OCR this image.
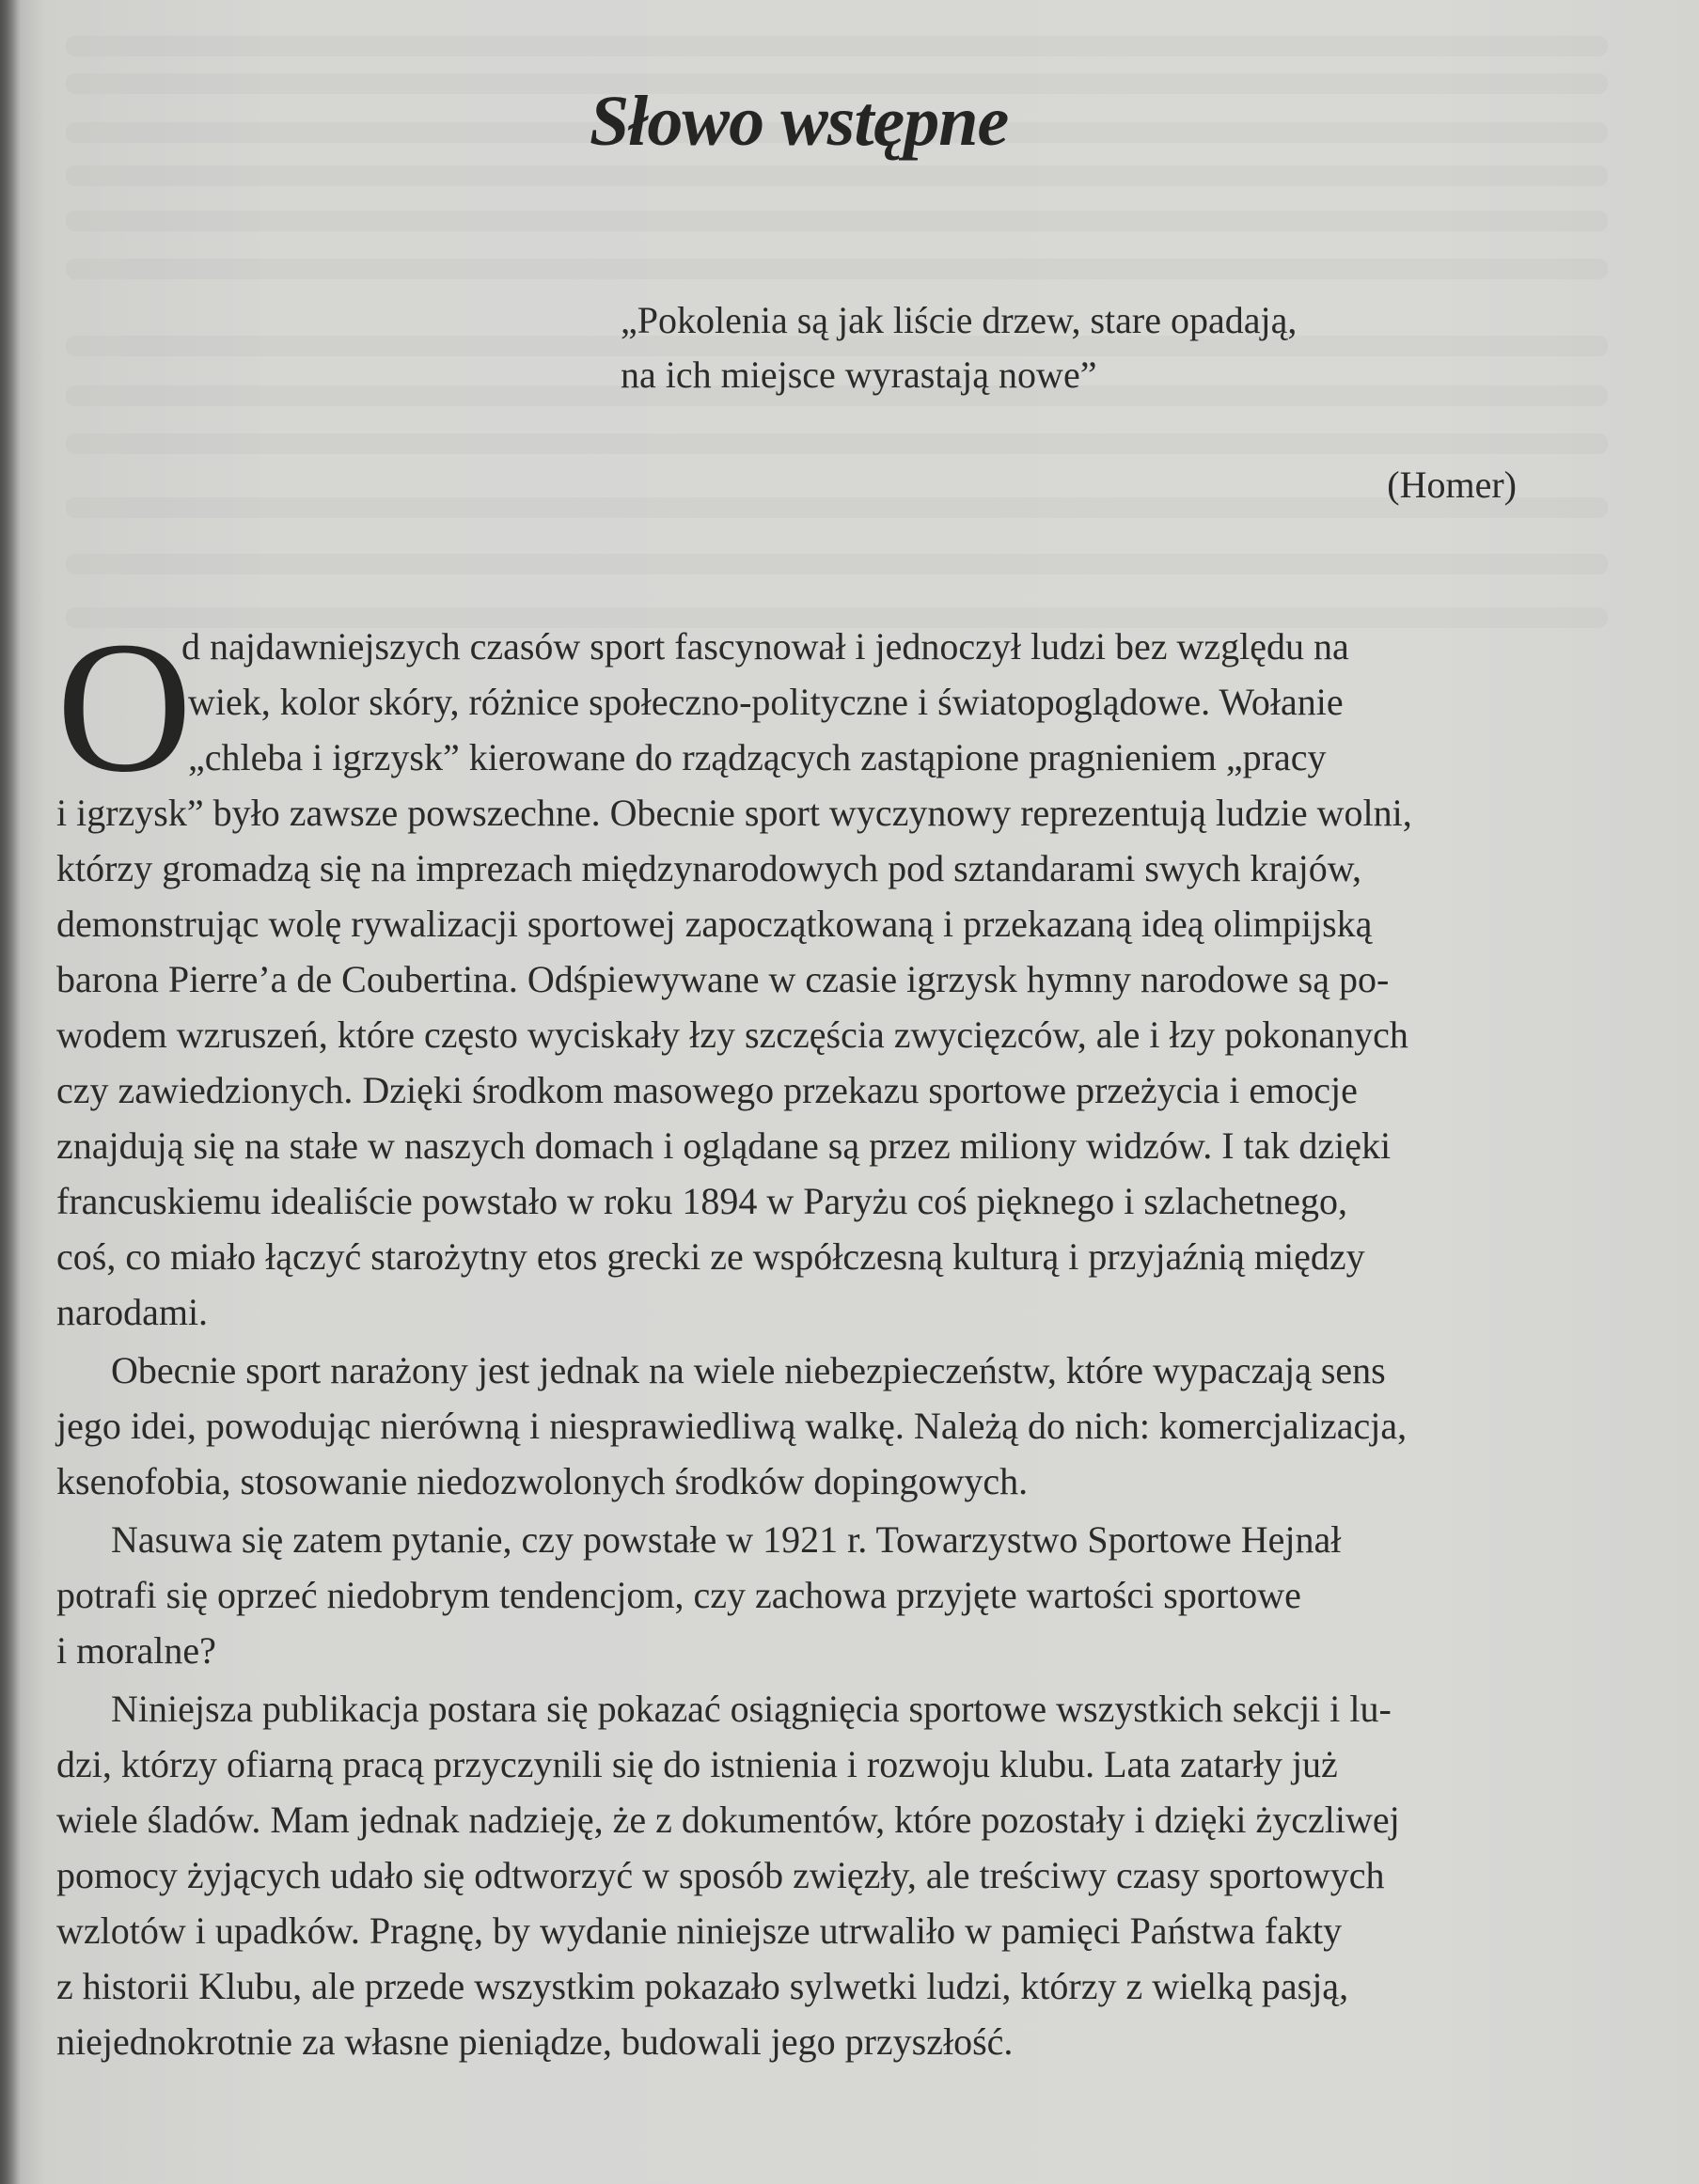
Słowo wstępne
„Pokolenia są jak liście drzew, stare opadają,
na ich miejsce wyrastają nowe”
(Homer)
O
d najdawniejszych czasów sport fascynował i jednoczył ludzi bez względu na
wiek, kolor skóry, różnice społeczno-polityczne i światopoglądowe. Wołanie
„chleba i igrzysk” kierowane do rządzących zastąpione pragnieniem „pracy
i igrzysk” było zawsze powszechne. Obecnie sport wyczynowy reprezentują ludzie wolni,
którzy gromadzą się na imprezach międzynarodowych pod sztandarami swych krajów,
demonstrując wolę rywalizacji sportowej zapoczątkowaną i przekazaną ideą olimpijską
barona Pierre’a de Coubertina. Odśpiewywane w czasie igrzysk hymny narodowe są po-
wodem wzruszeń, które często wyciskały łzy szczęścia zwycięzców, ale i łzy pokonanych
czy zawiedzionych. Dzięki środkom masowego przekazu sportowe przeżycia i emocje
znajdują się na stałe w naszych domach i oglądane są przez miliony widzów. I tak dzięki
francuskiemu idealiście powstało w roku 1894 w Paryżu coś pięknego i szlachetnego,
coś, co miało łączyć starożytny etos grecki ze współczesną kulturą i przyjaźnią między
narodami.
Obecnie sport narażony jest jednak na wiele niebezpieczeństw, które wypaczają sens
jego idei, powodując nierówną i niesprawiedliwą walkę. Należą do nich: komercjalizacja,
ksenofobia, stosowanie niedozwolonych środków dopingowych.
Nasuwa się zatem pytanie, czy powstałe w 1921 r. Towarzystwo Sportowe Hejnał
potrafi się oprzeć niedobrym tendencjom, czy zachowa przyjęte wartości sportowe
i moralne?
Niniejsza publikacja postara się pokazać osiągnięcia sportowe wszystkich sekcji i lu-
dzi, którzy ofiarną pracą przyczynili się do istnienia i rozwoju klubu. Lata zatarły już
wiele śladów. Mam jednak nadzieję, że z dokumentów, które pozostały i dzięki życzliwej
pomocy żyjących udało się odtworzyć w sposób zwięzły, ale treściwy czasy sportowych
wzlotów i upadków. Pragnę, by wydanie niniejsze utrwaliło w pamięci Państwa fakty
z historii Klubu, ale przede wszystkim pokazało sylwetki ludzi, którzy z wielką pasją,
niejednokrotnie za własne pieniądze, budowali jego przyszłość.
